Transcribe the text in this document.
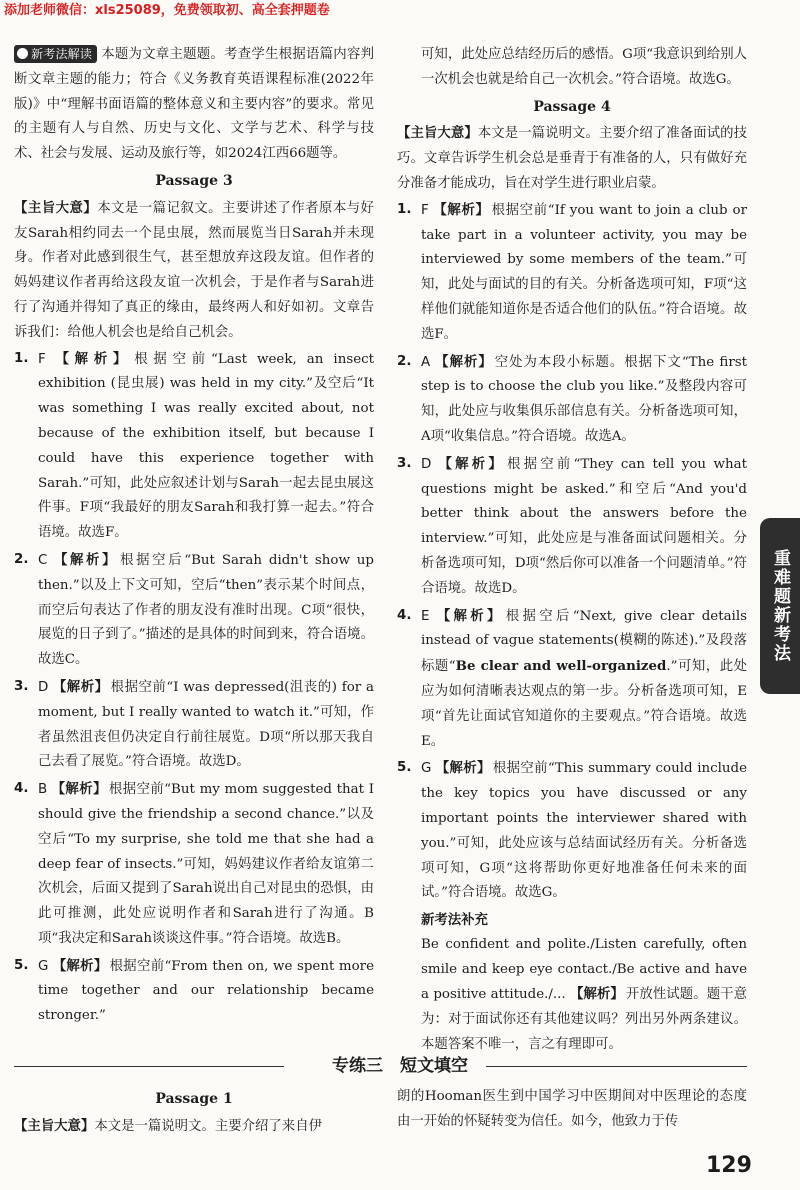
添加老师微信：xls25089，免费领取初、高全套押题卷

新考法解读 本题为文章主题题。考查学生根据语篇内容判断文章主题的能力；符合《义务教育英语课程标准(2022年版)》中“理解书面语篇的整体意义和主要内容”的要求。常见的主题有人与自然、历史与文化、文学与艺术、科学与技术、社会与发展、运动及旅行等，如2024江西66题等。

Passage 3

【主旨大意】本文是一篇记叙文。主要讲述了作者原本与好友Sarah相约同去一个昆虫展，然而展览当日Sarah并未现身。作者对此感到很生气，甚至想放弃这段友谊。但作者的妈妈建议作者再给这段友谊一次机会，于是作者与Sarah进行了沟通并得知了真正的缘由，最终两人和好如初。文章告诉我们：给他人机会也是给自己机会。

1. F 【解析】 根据空前“Last week, an insect exhibition (昆虫展) was held in my city.”及空后“It was something I was really excited about, not because of the exhibition itself, but because I could have this experience together with Sarah.”可知，此处应叙述计划与Sarah一起去昆虫展这件事。F项“我最好的朋友Sarah和我打算一起去。”符合语境。故选F。
2. C 【解析】 根据空后“But Sarah didn't show up then.”以及上下文可知，空后“then”表示某个时间点，而空后句表达了作者的朋友没有准时出现。C项“很快，展览的日子到了。”描述的是具体的时间到来，符合语境。故选C。
3. D 【解析】 根据空前“I was depressed(沮丧的) for a moment, but I really wanted to watch it.”可知，作者虽然沮丧但仍决定自行前往展览。D项“所以那天我自己去看了展览。”符合语境。故选D。
4. B 【解析】 根据空前“But my mom suggested that I should give the friendship a second chance.”以及空后“To my surprise, she told me that she had a deep fear of insects.”可知，妈妈建议作者给友谊第二次机会，后面又提到了Sarah说出自己对昆虫的恐惧，由此可推测，此处应说明作者和Sarah进行了沟通。B项“我决定和Sarah谈谈这件事。”符合语境。故选B。
5. G 【解析】 根据空前“From then on, we spent more time together and our relationship became stronger.”

可知，此处应总结经历后的感悟。G项“我意识到给别人一次机会也就是给自己一次机会。”符合语境。故选G。

Passage 4

【主旨大意】本文是一篇说明文。主要介绍了准备面试的技巧。文章告诉学生机会总是垂青于有准备的人，只有做好充分准备才能成功，旨在对学生进行职业启蒙。

1. F 【解析】 根据空前“If you want to join a club or take part in a volunteer activity, you may be interviewed by some members of the team.”可知，此处与面试的目的有关。分析备选项可知，F项“这样他们就能知道你是否适合他们的队伍。”符合语境。故选F。
2. A 【解析】 空处为本段小标题。根据下文“The first step is to choose the club you like.”及整段内容可知，此处应与收集俱乐部信息有关。分析备选项可知，A项“收集信息。”符合语境。故选A。
3. D 【解析】 根据空前“They can tell you what questions might be asked.”和空后“And you'd better think about the answers before the interview.”可知，此处应是与准备面试问题相关。分析备选项可知，D项“然后你可以准备一个问题清单。”符合语境。故选D。
4. E 【解析】 根据空后“Next, give clear details instead of vague statements(模糊的陈述).”及段落标题“Be clear and well-organized.”可知，此处应为如何清晰表达观点的第一步。分析备选项可知，E项“首先让面试官知道你的主要观点。”符合语境。故选E。
5. G 【解析】 根据空前“This summary could include the key topics you have discussed or any important points the interviewer shared with you.”可知，此处应该与总结面试经历有关。分析备选项可知，G项“这将帮助你更好地准备任何未来的面试。”符合语境。故选G。
新考法补充

Be confident and polite./Listen carefully, often smile and keep eye contact./Be active and have a positive attitude./... 【解析】 开放性试题。题干意为：对于面试你还有其他建议吗？列出另外两条建议。本题答案不唯一，言之有理即可。

重难题新考法
专练三　短文填空
Passage 1

【主旨大意】本文是一篇说明文。主要介绍了来自伊

朗的Hooman医生到中国学习中医期间对中医理论的态度由一开始的怀疑转变为信任。如今，他致力于传

129
